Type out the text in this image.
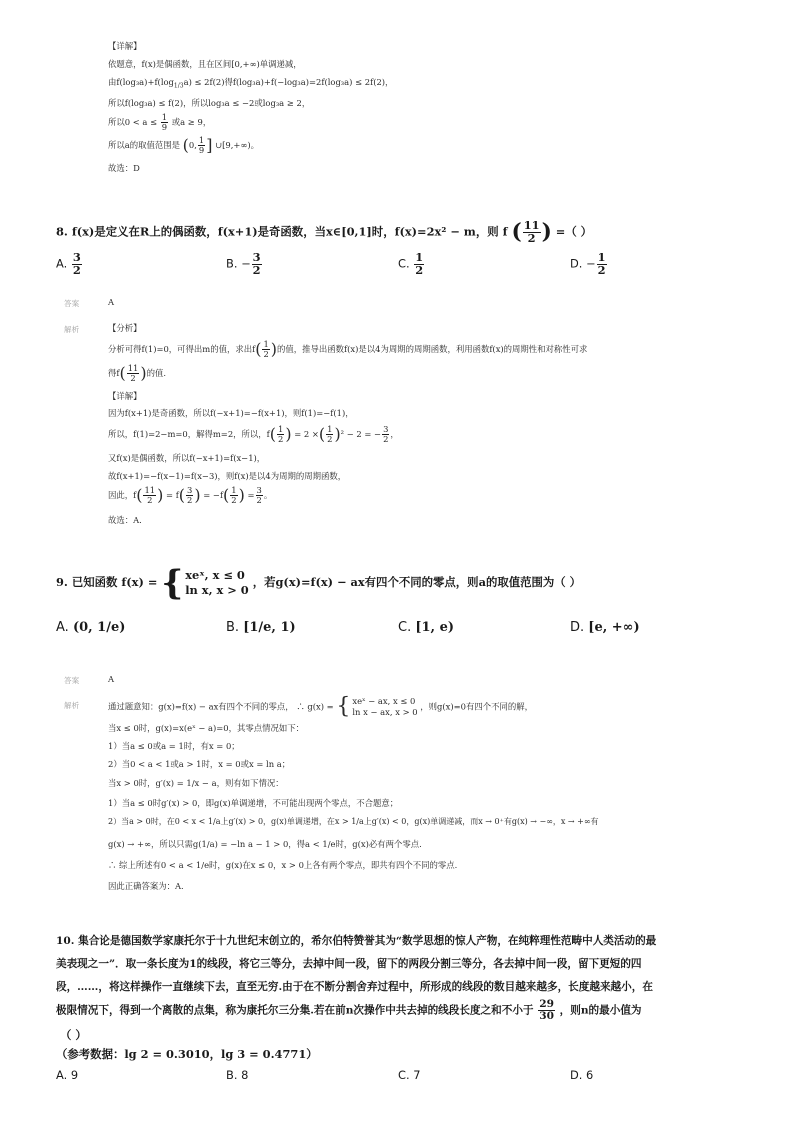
【详解】
依题意，f(x)是偶函数，且在区间[0,+∞)单调递减，
由$f(\log_3a)+f(\log_{1/3}a) \le 2f(2)$得f(log₃a)+f(−log₃a)=2f(log₃a) ≤ 2f(2)，
所以f(log₃a) ≤ f(2)，所以log₃a ≤ −2或log₃a ≥ 2，
所以$0 < a \le \frac{1}{9}$ 或a ≥ 9，
所以a的取值范围是 (0, $\frac{1}{9}$ ] ∪[9,+∞)。
故选：D
8. f(x)是定义在R上的偶函数，f(x+1)是奇函数，当x∈[0,1]时，f(x)=2x² − m，则 f ( $\frac{11}{2}$ ) =（ ）
A. $\frac{3}{2}$	B. − $\frac{3}{2}$	C. $\frac{1}{2}$	D. − $\frac{1}{2}$
答案	A
解析	【分析】
分析可得f(1)=0，可得出m的值，求出$f( \frac{1}{2}$ )的值，推导出函数f(x)是以4为周期的周期函数，利用函数f(x)的周期性和对称性可求
得$f( \frac{11}{2}$ )的值.
【详解】
因为f(x+1)是奇函数，所以f(−x+1)=−f(x+1)，则f(1)=−f(1)，
所以，f(1)=2−m=0，解得m=2，所以，$f( \frac{1}{2}$ ) = 2 ×( $\frac{1}{2} )^2 - 2$ = − $\frac{3}{2}$ ，
又f(x)是偶函数，所以f(−x+1)=f(x−1)，
故f(x+1)=−f(x−1)=f(x−3)，则f(x)是以4为周期的周期函数，
因此，$f( \frac{11}{2}$ ) = $f( \frac{3}{2}$ ) = $-f( \frac{1}{2}$ ) = $\frac{3}{2}$ 。
故选：A.
9. 已知函数 f(x) = { xeˣ, x ≤ 0
ln x, x > 0
，若g(x)=f(x) − ax有四个不同的零点，则a的取值范围为（ ）
A. (0, 1/e)	B. [1/e, 1)	C. [1, e)	D. [e, +∞)
答案	A
解析	通过题意知：g(x)=f(x) − ax有四个不同的零点， ∴ g(x) = { xeˣ − ax, x ≤ 0
ln x − ax, x > 0
，则g(x)=0有四个不同的解，
当x ≤ 0时，g(x)=x(eˣ − a)=0，其零点情况如下：
1）当a ≤ 0或a = 1时，有x = 0；
2）当0 < a < 1或a > 1时，x = 0或x = ln a；
当x > 0时，g′(x) = 1/x − a，则有如下情况：
1）当a ≤ 0时g′(x) > 0，即g(x)单调递增，不可能出现两个零点，不合题意；
2）当a > 0时，在0 < x < 1/a上g′(x) > 0，g(x)单调递增，在x > 1/a上g′(x) < 0，g(x)单调递减，而x → 0⁺有g(x) → −∞，x → +∞有
g(x) → +∞，所以只需g(1/a) = −ln a − 1 > 0，得a < 1/e时，g(x)必有两个零点.
∴ 综上所述有0 < a < 1/e时，g(x)在x ≤ 0，x > 0上各有两个零点，即共有四个不同的零点.
因此正确答案为：A.
10. 集合论是德国数学家康托尔于十九世纪末创立的，希尔伯特赞誉其为“数学思想的惊人产物，在纯粹理性范畴中人类活动的最
美表现之一”．取一条长度为1的线段，将它三等分，去掉中间一段，留下的两段分割三等分，各去掉中间一段，留下更短的四
段，……，将这样操作一直继续下去，直至无穷.由于在不断分割舍弃过程中，所形成的线段的数目越来越多，长度越来越小，在
极限情况下，得到一个离散的点集，称为康托尔三分集.若在前n次操作中共去掉的线段长度之和不小于 $\frac{29}{30}$ ，则n的最小值为
（ ）
（参考数据：lg 2 = 0.3010，lg 3 = 0.4771）
A. 9	B. 8	C. 7	D. 6
